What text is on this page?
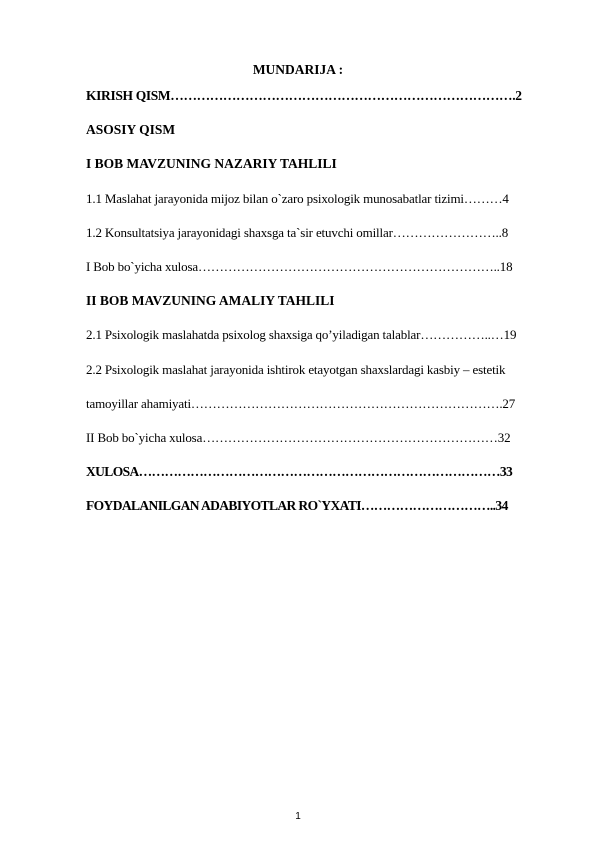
MUNDARIJA :
KIRISH QISM…………………………………………………………………….2
ASOSIY QISM
I BOB MAVZUNING NAZARIY TAHLILI
1.1 Maslahat jarayonida mijoz bilan o`zaro psixologik munosabatlar tizimi………4
1.2 Konsultatsiya jarayonidagi shaxsga ta`sir etuvchi omillar……………………..8
I Bob bo`yicha xulosa……………………………………………………………..18
II BOB MAVZUNING AMALIY TAHLILI
2.1 Psixologik maslahatda psixolog shaxsiga qo’yiladigan talablar……………..…19
2.2 Psixologik maslahat jarayonida ishtirok etayotgan shaxslardagi kasbiy – estetik
tamoyillar ahamiyati……………………………………………………………….27
II Bob bo`yicha xulosa……………………………………………………………32
XULOSA…………………………………………………………………………33
FOYDALANILGAN ADABIYOTLAR RO`YXATI…………………………..34
1
